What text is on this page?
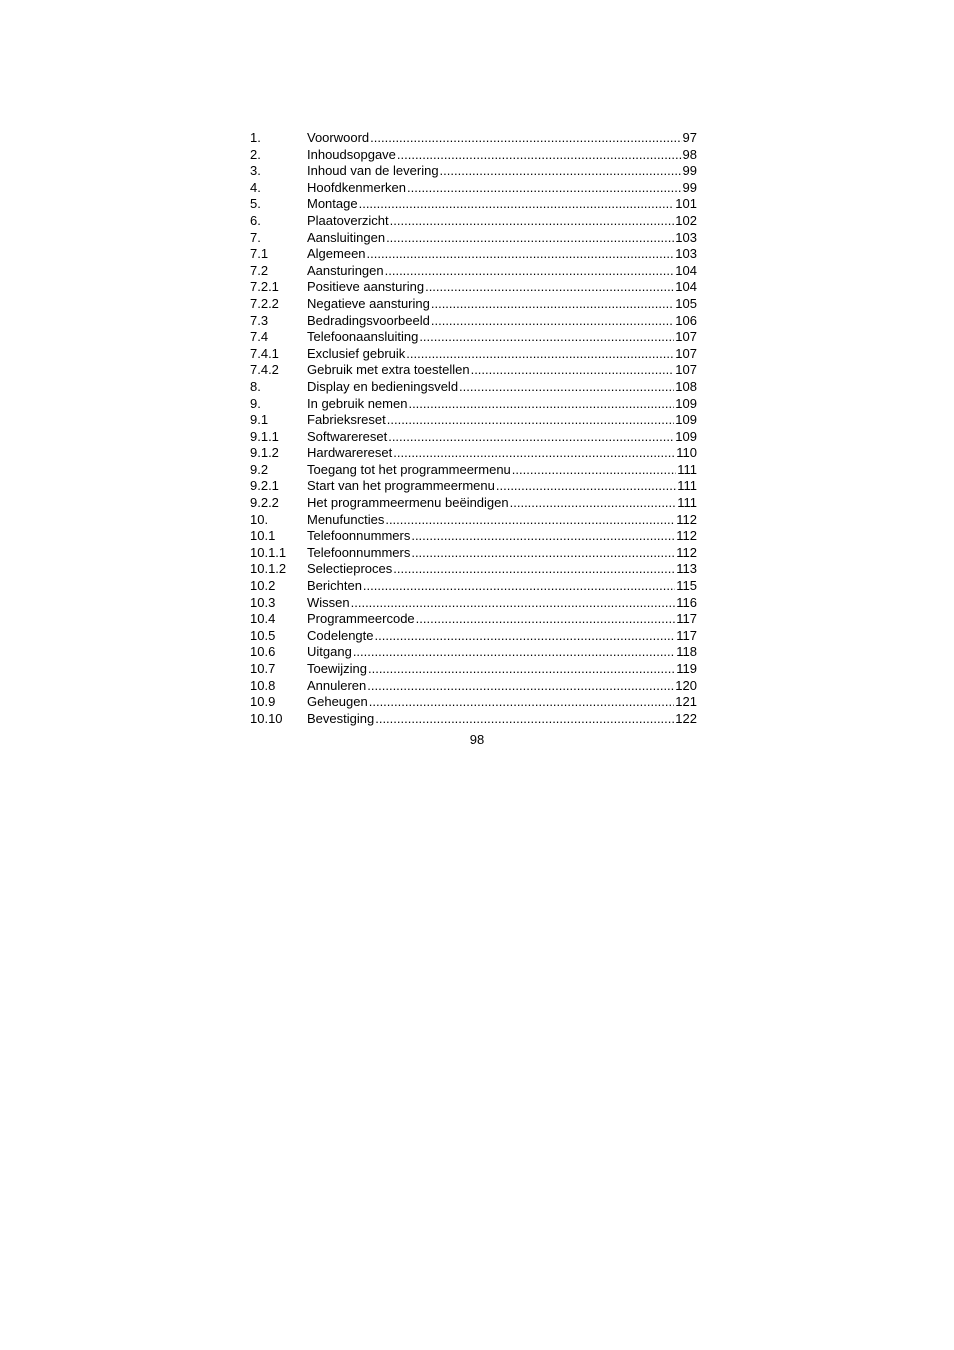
1.	Voorwoord .....	97
2.	Inhoudsopgave .....	98
3.	Inhoud van de levering .....	99
4.	Hoofdkenmerken .....	99
5.	Montage .....	101
6.	Plaatoverzicht .....	102
7.	Aansluitingen .....	103
7.1	Algemeen .....	103
7.2	Aansturingen .....	104
7.2.1	Positieve aansturing .....	104
7.2.2	Negatieve aansturing .....	105
7.3	Bedradingsvoorbeeld .....	106
7.4	Telefoonaansluiting .....	107
7.4.1	Exclusief gebruik .....	107
7.4.2	Gebruik met extra toestellen .....	107
8.	Display en bedieningsveld .....	108
9.	In gebruik nemen .....	109
9.1	Fabrieksreset .....	109
9.1.1	Softwarereset .....	109
9.1.2	Hardwarereset .....	110
9.2	Toegang tot het programmeermenu .....	111
9.2.1	Start van het programmeermenu .....	111
9.2.2	Het programmeermenu beëindigen .....	111
10.	Menufuncties .....	112
10.1	Telefoonnummers .....	112
10.1.1	Telefoonnummers .....	112
10.1.2	Selectieproces .....	113
10.2	Berichten .....	115
10.3	Wissen .....	116
10.4	Programmeercode .....	117
10.5	Codelengte .....	117
10.6	Uitgang .....	118
10.7	Toewijzing .....	119
10.8	Annuleren .....	120
10.9	Geheugen .....	121
10.10	Bevestiging .....	122
98
